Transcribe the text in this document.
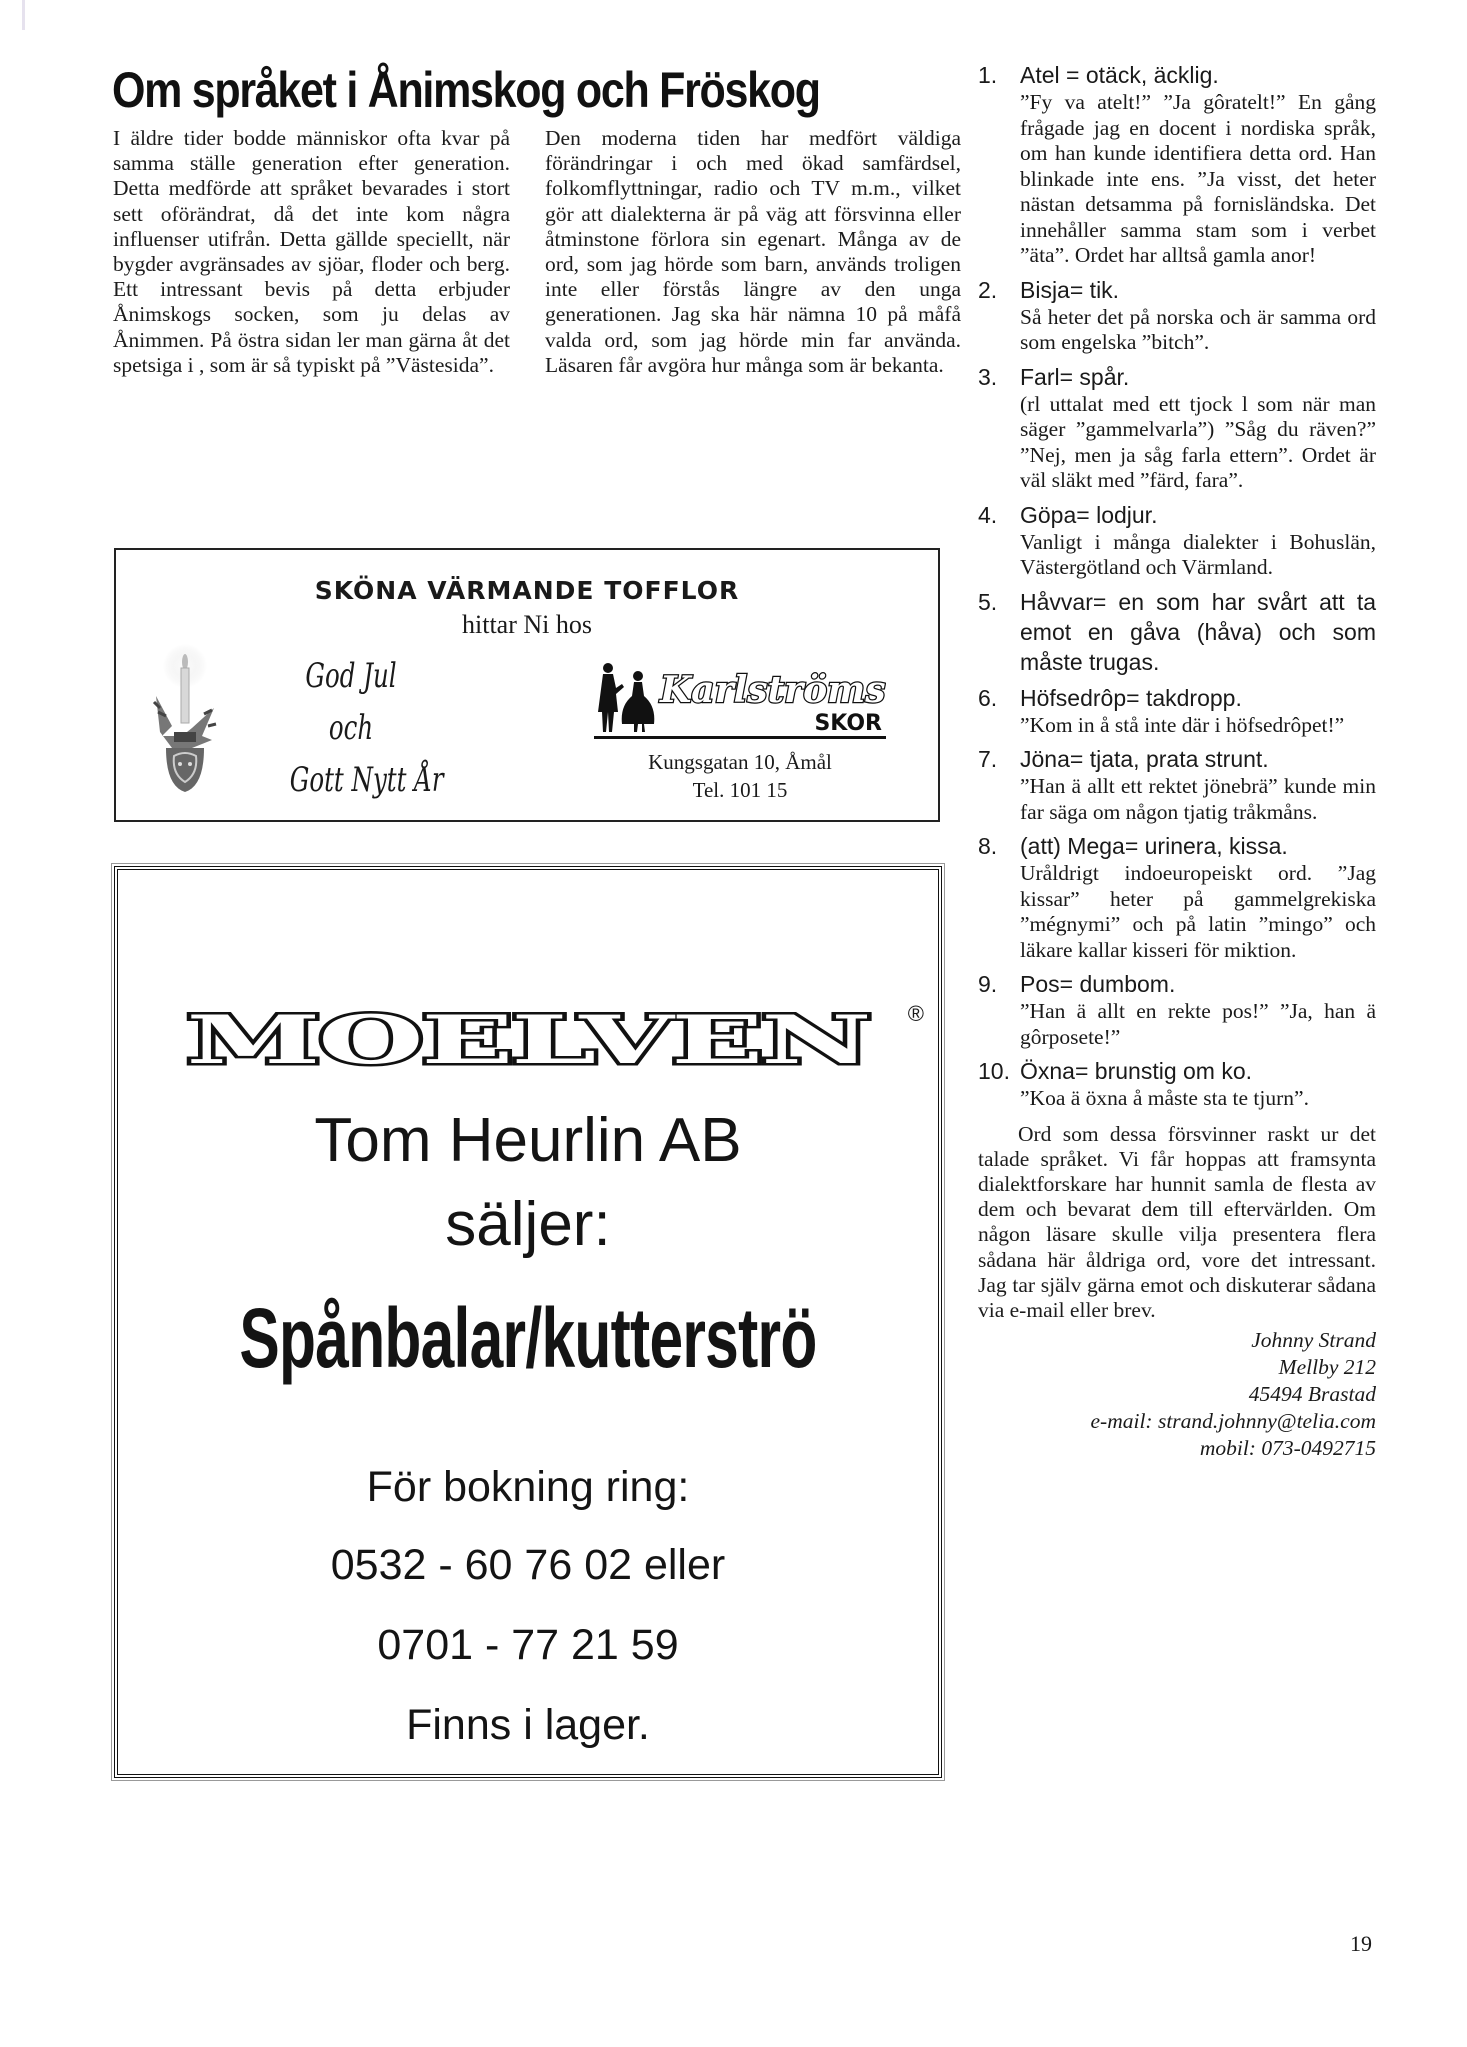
Om språket i Ånimskog och Fröskog

I äldre tider bodde människor ofta kvar på samma ställe generation efter generation. Detta medförde att språket bevarades i stort sett oförändrat, då det inte kom några influenser utifrån. Detta gällde speciellt, när bygder avgränsades av sjöar, floder och berg. Ett intressant bevis på detta erbjuder Ånimskogs socken, som ju delas av Ånimmen. På östra sidan ler man gärna åt det spetsiga i , som är så typiskt på ”Västesida”.

Den moderna tiden har medfört väldiga förändringar i och med ökad samfärdsel, folkomflyttningar, radio och TV m.m., vilket gör att dialekterna är på väg att försvinna eller åtminstone förlora sin egenart. Många av de ord, som jag hörde som barn, används troligen inte eller förstås längre av den unga generationen. Jag ska här nämna 10 på måfå valda ord, som jag hörde min far använda. Läsaren får avgöra hur många som är bekanta.

1. Atel = otäck, äcklig.
”Fy va atelt!” ”Ja gôratelt!” En gång frågade jag en docent i nordiska språk, om han kunde identifiera detta ord. Han blinkade inte ens. ”Ja visst, det heter nästan detsamma på fornisländska. Det innehåller samma stam som i verbet ”äta”. Ordet har alltså gamla anor!
2. Bisja= tik.
Så heter det på norska och är samma ord som engelska ”bitch”.
3. Farl= spår.
(rl uttalat med ett tjock l som när man säger ”gammelvarla”) ”Såg du räven?” ”Nej, men ja såg farla ettern”. Ordet är väl släkt med ”färd, fara”.
4. Göpa= lodjur.
Vanligt i många dialekter i Bohuslän, Västergötland och Värmland.
5. Håvvar= en som har svårt att ta emot en gåva (håva) och som måste trugas.
6. Höfsedrôp= takdropp.
”Kom in å stå inte där i höfsedrôpet!”
7. Jöna= tjata, prata strunt.
”Han ä allt ett rektet jönebrä” kunde min far säga om någon tjatig tråkmåns.
8. (att) Mega= urinera, kissa.
Uråldrigt indoeuropeiskt ord. ”Jag kissar” heter på gammelgrekiska ”mégnymi” och på latin ”mingo” och läkare kallar kisseri för miktion.
9. Pos= dumbom.
”Han ä allt en rekte pos!” ”Ja, han ä gôrposete!”
10. Öxna= brunstig om ko.
”Koa ä öxna å måste sta te tjurn”.

Ord som dessa försvinner raskt ur det talade språket. Vi får hoppas att framsynta dialektforskare har hunnit samla de flesta av dem och bevarat dem till eftervärlden. Om någon läsare skulle vilja presentera flera sådana här åldriga ord, vore det intressant. Jag tar själv gärna emot och diskuterar sådana via e-mail eller brev.

Johnny Strand
Mellby 212
45494 Brastad
e-mail: strand.johnny@telia.com
mobil: 073-0492715
SKÖNA VÄRMANDE TOFFLOR
hittar Ni hos
God Jul
och
Gott Nytt År
Karlströms
SKOR
Kungsgatan 10, Åmål
Tel. 101 15
MOELVEN ®
Tom Heurlin AB
säljer:
Spånbalar/kutterströ
För bokning ring:
0532 - 60 76 02 eller
0701 - 77 21 59
Finns i lager.
19
